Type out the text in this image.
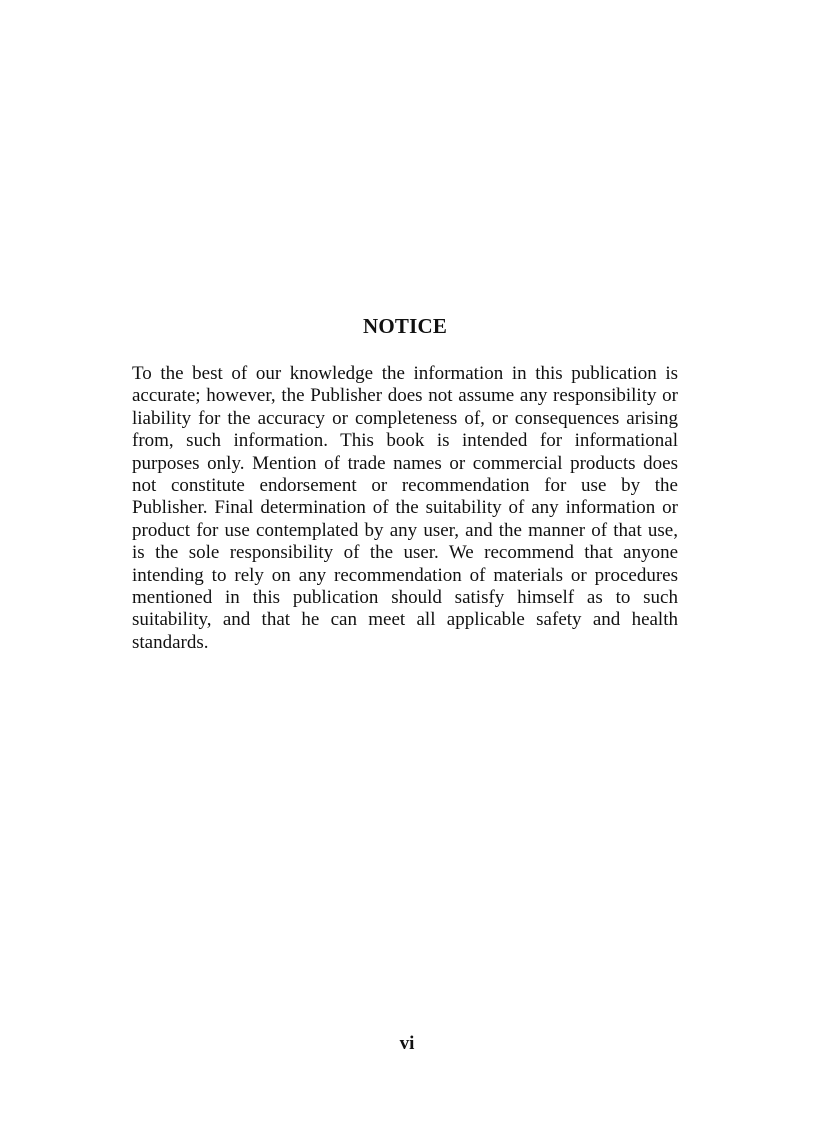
NOTICE

To the best of our knowledge the information in this publication is accurate; however, the Publisher does not assume any responsibility or liability for the accuracy or completeness of, or consequences arising from, such information. This book is intended for informational purposes only. Mention of trade names or commercial products does not constitute endorsement or recommendation for use by the Publisher. Final determination of the suitability of any information or product for use contemplated by any user, and the manner of that use, is the sole responsibility of the user. We recommend that anyone intending to rely on any recommendation of materials or procedures mentioned in this publication should satisfy himself as to such suitability, and that he can meet all applicable safety and health standards.

vi
